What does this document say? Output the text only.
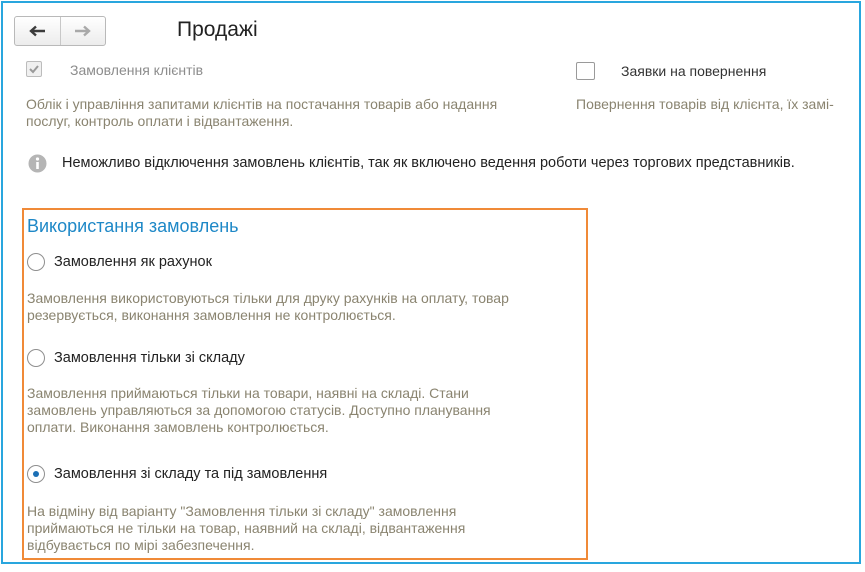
Продажі
Замовлення клієнтів
Облік і управління запитами клієнтів на постачання товарів або надання
послуг, контроль оплати і відвантаження.
Заявки на повернення
Повернення товарів від клієнта, їх замі-
Неможливо відключення замовлень клієнтів, так як включено ведення роботи через торгових представників.
Використання замовлень
Замовлення як рахунок
Замовлення використовуються тільки для друку рахунків на оплату, товар
резервується, виконання замовлення не контролюється.
Замовлення тільки зі складу
Замовлення приймаються тільки на товари, наявні на складі. Стани
замовлень управляються за допомогою статусів. Доступно планування
оплати. Виконання замовлень контролюється.
Замовлення зі складу та під замовлення
На відміну від варіанту "Замовлення тільки зі складу" замовлення
приймаються не тільки на товар, наявний на складі, відвантаження
відбувається по мірі забезпечення.
